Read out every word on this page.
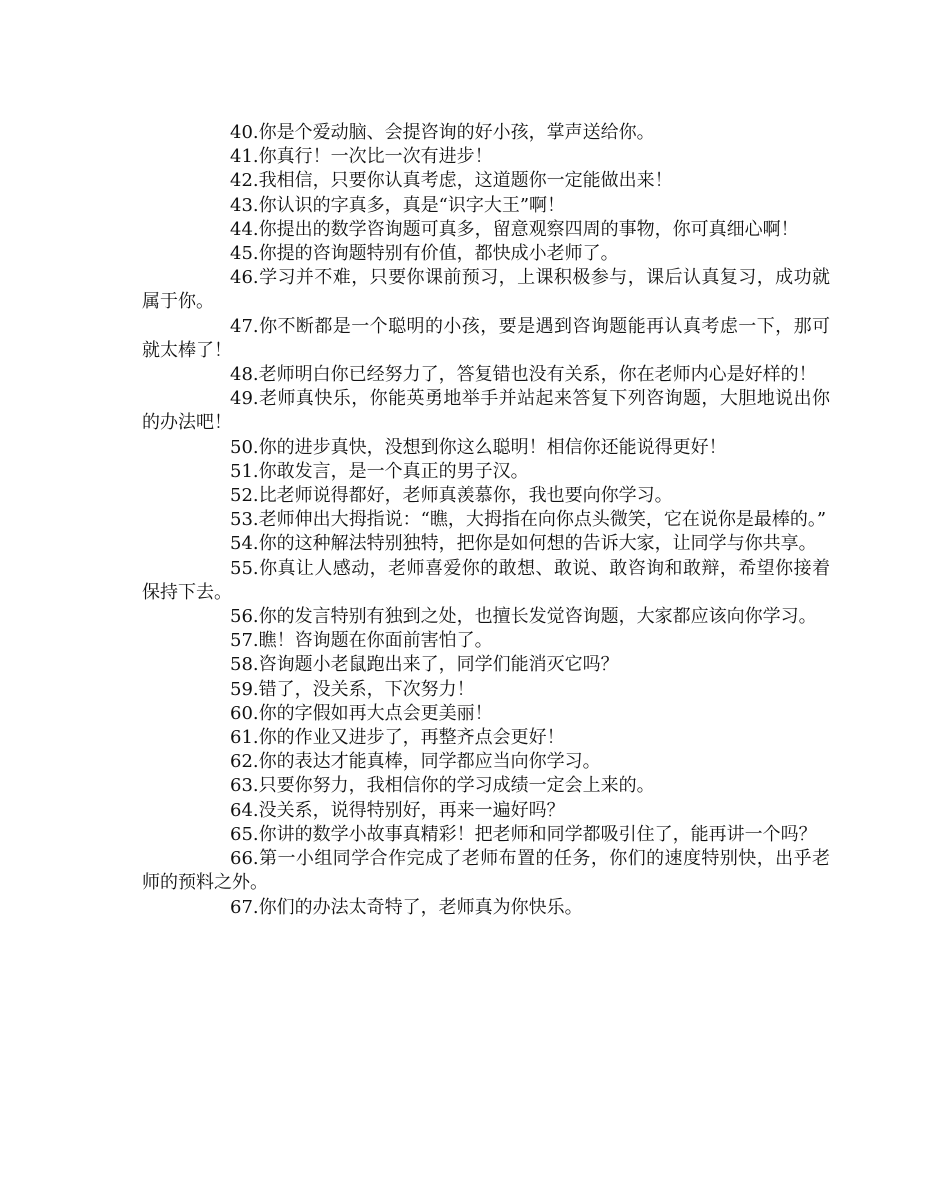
40.你是个爱动脑、会提咨询的好小孩，掌声送给你。

41.你真行！一次比一次有进步！

42.我相信，只要你认真考虑，这道题你一定能做出来！

43.你认识的字真多，真是“识字大王”啊！

44.你提出的数学咨询题可真多，留意观察四周的事物，你可真细心啊！

45.你提的咨询题特别有价值，都快成小老师了。

46.学习并不难，只要你课前预习，上课积极参与，课后认真复习，成功就属于你。

47.你不断都是一个聪明的小孩，要是遇到咨询题能再认真考虑一下，那可就太棒了！

48.老师明白你已经努力了，答复错也没有关系，你在老师内心是好样的！

49.老师真快乐，你能英勇地举手并站起来答复下列咨询题，大胆地说出你的办法吧！

50.你的进步真快，没想到你这么聪明！相信你还能说得更好！

51.你敢发言，是一个真正的男子汉。

52.比老师说得都好，老师真羡慕你，我也要向你学习。

53.老师伸出大拇指说：“瞧，大拇指在向你点头微笑，它在说你是最棒的。”

54.你的这种解法特别独特，把你是如何想的告诉大家，让同学与你共享。

55.你真让人感动，老师喜爱你的敢想、敢说、敢咨询和敢辩，希望你接着保持下去。

56.你的发言特别有独到之处，也擅长发觉咨询题，大家都应该向你学习。

57.瞧！咨询题在你面前害怕了。

58.咨询题小老鼠跑出来了，同学们能消灭它吗？

59.错了，没关系，下次努力！

60.你的字假如再大点会更美丽！

61.你的作业又进步了，再整齐点会更好！

62.你的表达才能真棒，同学都应当向你学习。

63.只要你努力，我相信你的学习成绩一定会上来的。

64.没关系，说得特别好，再来一遍好吗？

65.你讲的数学小故事真精彩！把老师和同学都吸引住了，能再讲一个吗？

66.第一小组同学合作完成了老师布置的任务，你们的速度特别快，出乎老师的预料之外。

67.你们的办法太奇特了，老师真为你快乐。
